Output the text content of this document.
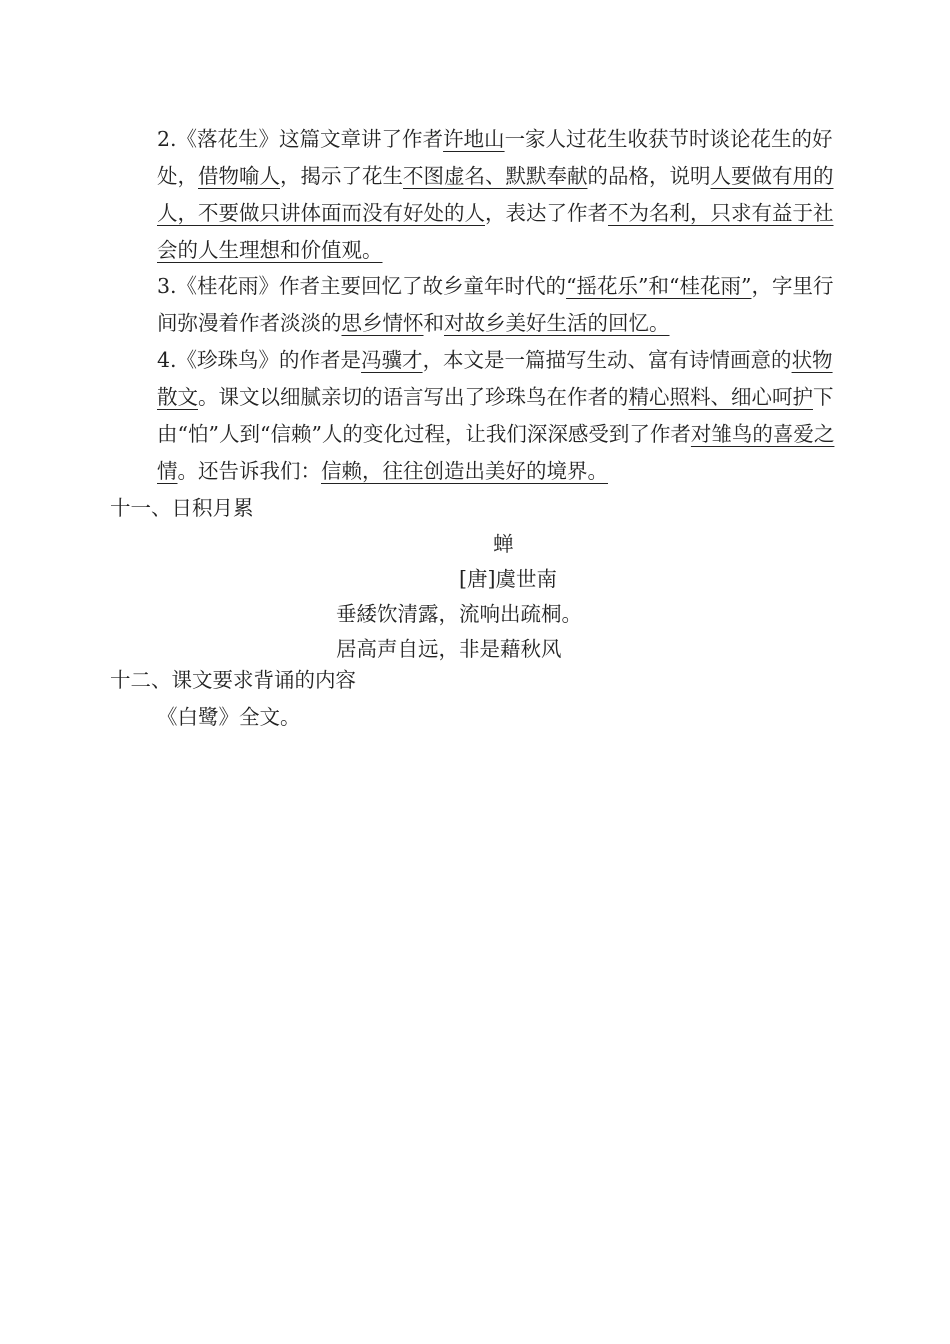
2.《落花生》这篇文章讲了作者许地山一家人过花生收获节时谈论花生的好处，借物喻人，揭示了花生不图虚名、默默奉献的品格，说明人要做有用的人，不要做只讲体面而没有好处的人，表达了作者不为名利，只求有益于社会的人生理想和价值观。

3.《桂花雨》作者主要回忆了故乡童年时代的“摇花乐”和“桂花雨”，字里行间弥漫着作者淡淡的思乡情怀和对故乡美好生活的回忆。

4.《珍珠鸟》的作者是冯骥才，本文是一篇描写生动、富有诗情画意的状物散文。课文以细腻亲切的语言写出了珍珠鸟在作者的精心照料、细心呵护下由“怕”人到“信赖”人的变化过程，让我们深深感受到了作者对雏鸟的喜爱之情。还告诉我们：信赖，往往创造出美好的境界。

十一、日积月累
蝉
[唐]虞世南
垂緌饮清露，流响出疏桐。
居高声自远，非是藉秋风
十二、课文要求背诵的内容
《白鹭》全文。
